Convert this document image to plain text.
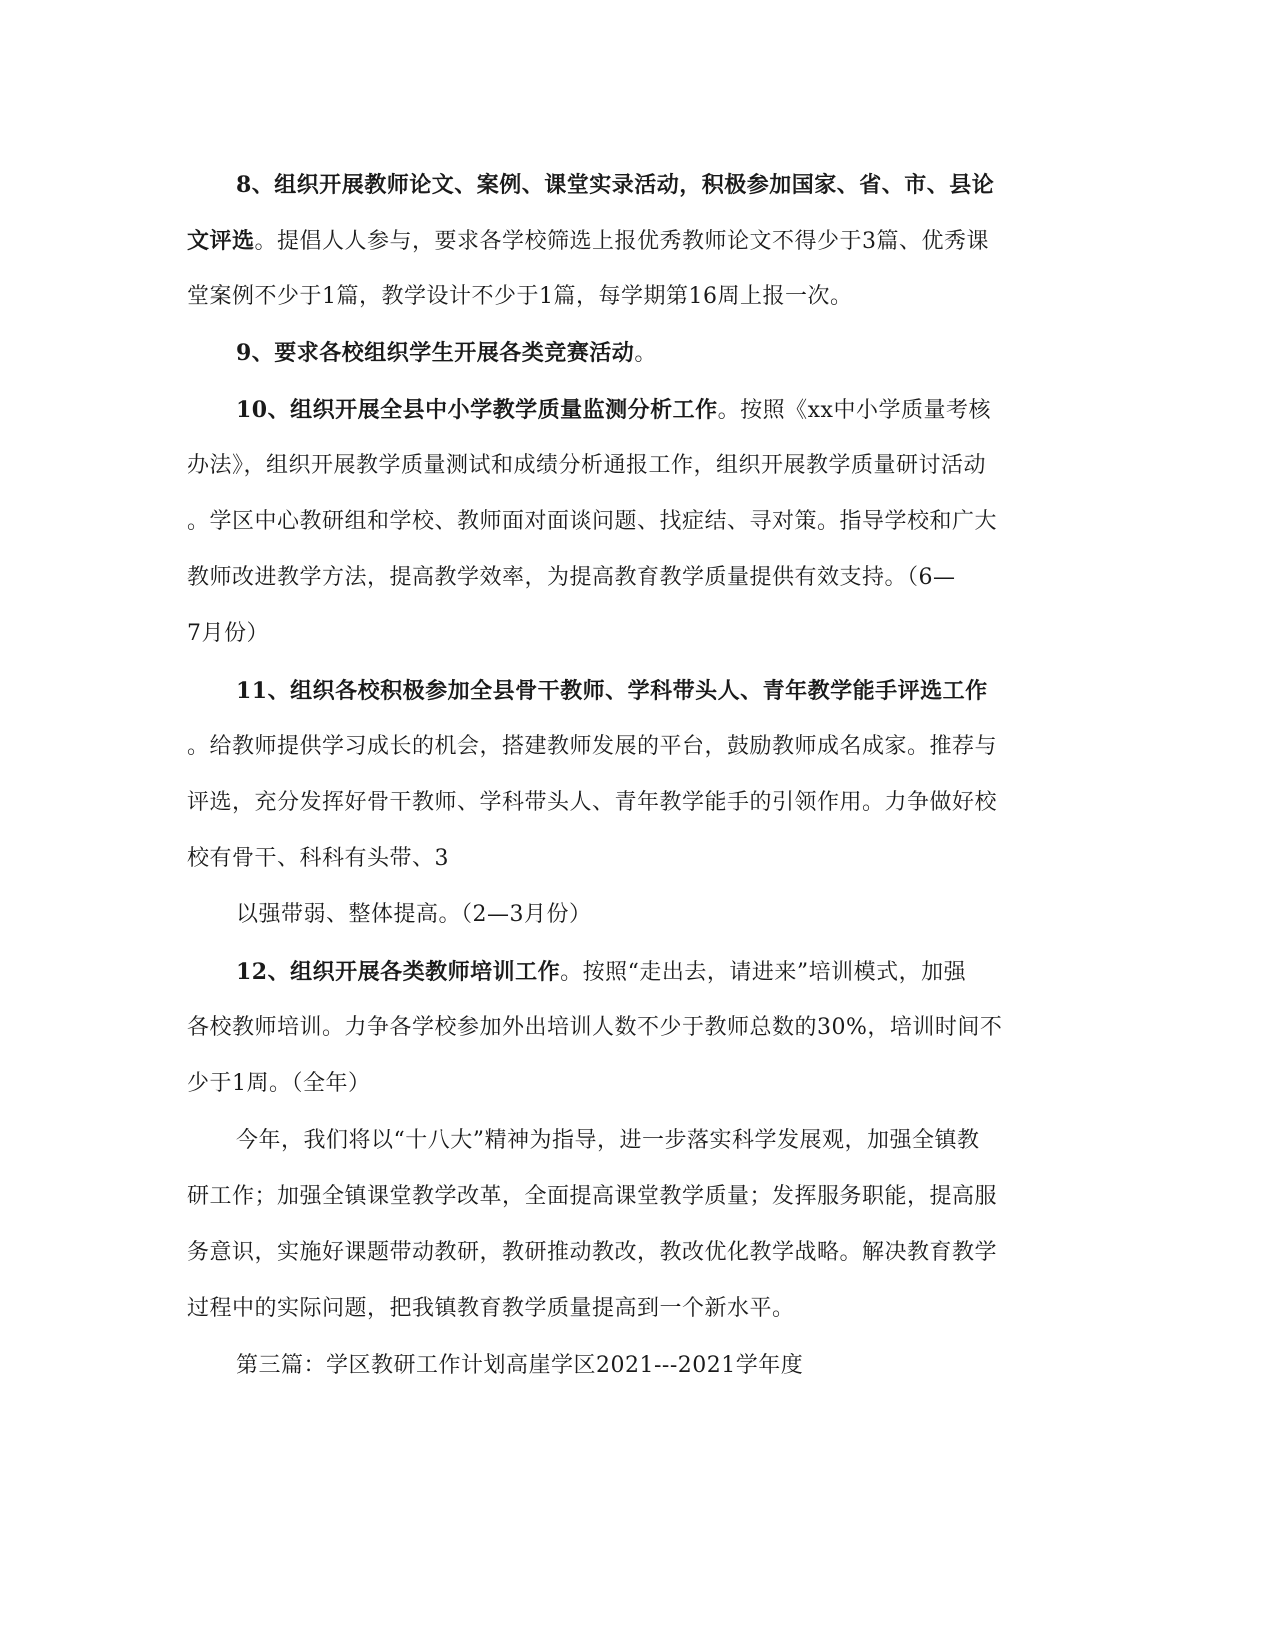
8、组织开展教师论文、案例、课堂实录活动，积极参加国家、省、市、县论
文评选。提倡人人参与，要求各学校筛选上报优秀教师论文不得少于3篇、优秀课
堂案例不少于1篇，教学设计不少于1篇，每学期第16周上报一次。
9、要求各校组织学生开展各类竞赛活动。
10、组织开展全县中小学教学质量监测分析工作。按照《xx中小学质量考核
办法》，组织开展教学质量测试和成绩分析通报工作，组织开展教学质量研讨活动
。学区中心教研组和学校、教师面对面谈问题、找症结、寻对策。指导学校和广大
教师改进教学方法，提高教学效率，为提高教育教学质量提供有效支持。（6—
7月份）
11、组织各校积极参加全县骨干教师、学科带头人、青年教学能手评选工作
。给教师提供学习成长的机会，搭建教师发展的平台，鼓励教师成名成家。推荐与
评选，充分发挥好骨干教师、学科带头人、青年教学能手的引领作用。力争做好校
校有骨干、科科有头带、3
以强带弱、整体提高。（2—3月份）
12、组织开展各类教师培训工作。按照“走出去，请进来”培训模式，加强
各校教师培训。力争各学校参加外出培训人数不少于教师总数的30%，培训时间不
少于1周。（全年）
今年，我们将以“十八大”精神为指导，进一步落实科学发展观，加强全镇教
研工作；加强全镇课堂教学改革，全面提高课堂教学质量；发挥服务职能，提高服
务意识，实施好课题带动教研，教研推动教改，教改优化教学战略。解决教育教学
过程中的实际问题，把我镇教育教学质量提高到一个新水平。
第三篇：学区教研工作计划高崖学区2021---2021学年度
